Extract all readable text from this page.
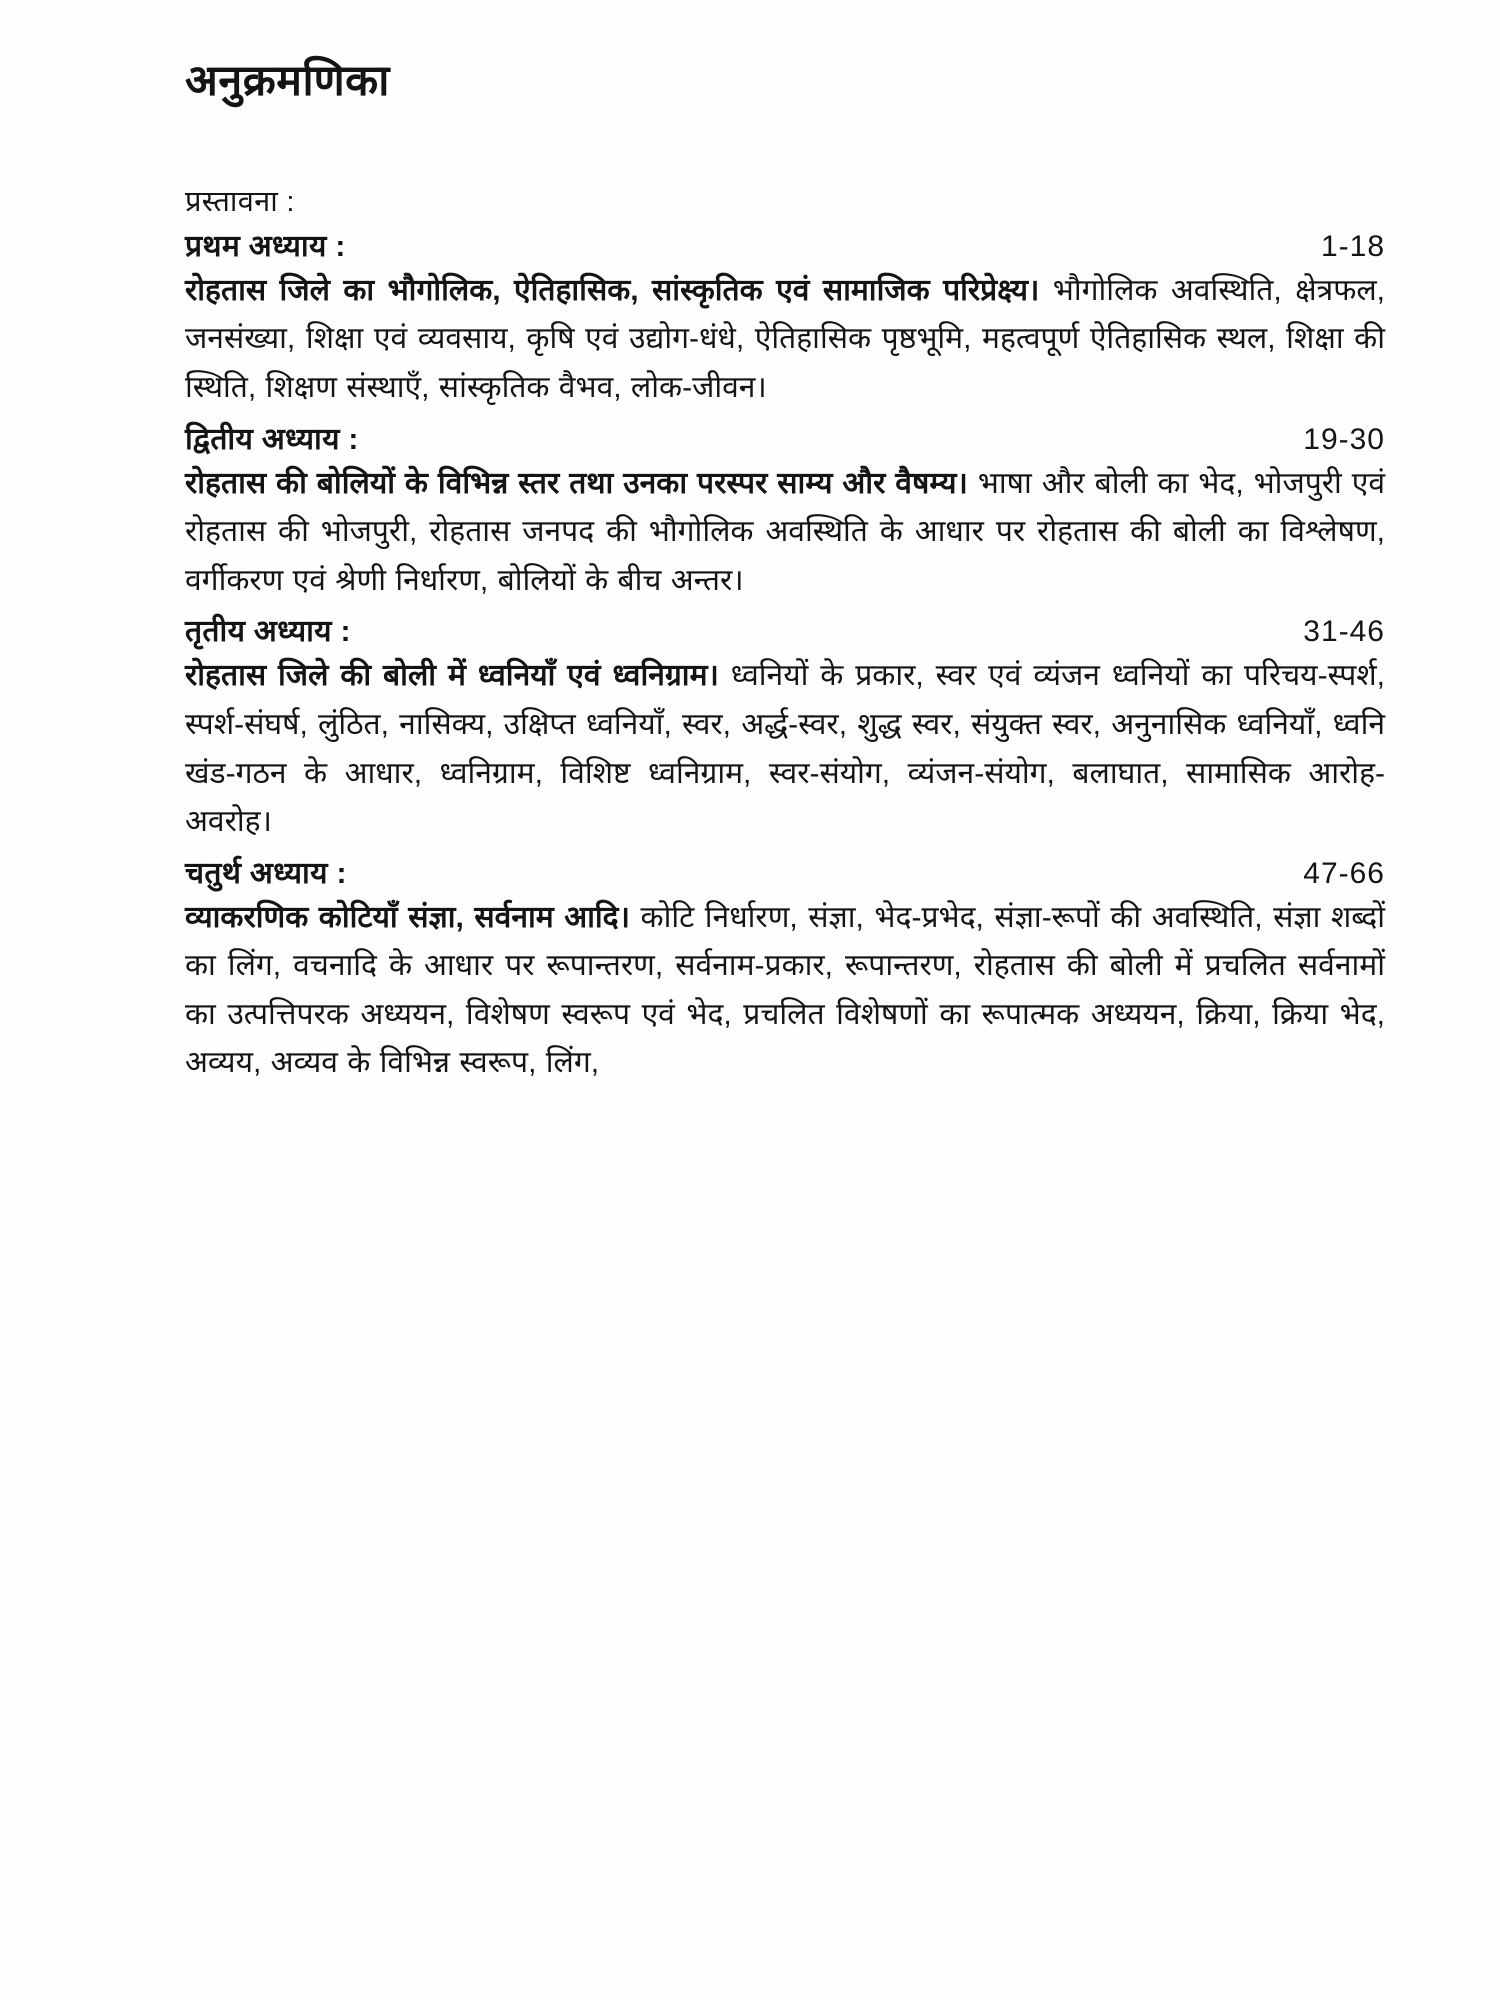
अनुक्रमणिका
प्रस्तावना :
प्रथम अध्याय :	1-18
रोहतास जिले का भौगोलिक, ऐतिहासिक, सांस्कृतिक एवं सामाजिक परिप्रेक्ष्य। भौगोलिक अवस्थिति, क्षेत्रफल, जनसंख्या, शिक्षा एवं व्यवसाय, कृषि एवं उद्योग-धंधे, ऐतिहासिक पृष्ठभूमि, महत्वपूर्ण ऐतिहासिक स्थल, शिक्षा की स्थिति, शिक्षण संस्थाएँ, सांस्कृतिक वैभव, लोक-जीवन।
द्वितीय अध्याय :	19-30
रोहतास की बोलियों के विभिन्न स्तर तथा उनका परस्पर साम्य और वैषम्य। भाषा और बोली का भेद, भोजपुरी एवं रोहतास की भोजपुरी, रोहतास जनपद की भौगोलिक अवस्थिति के आधार पर रोहतास की बोली का विश्लेषण, वर्गीकरण एवं श्रेणी निर्धारण, बोलियों के बीच अन्तर।
तृतीय अध्याय :	31-46
रोहतास जिले की बोली में ध्वनियाँ एवं ध्वनिग्राम। ध्वनियों के प्रकार, स्वर एवं व्यंजन ध्वनियों का परिचय-स्पर्श, स्पर्श-संघर्ष, लुंठित, नासिक्य, उक्षिप्त ध्वनियाँ, स्वर, अर्द्ध-स्वर, शुद्ध स्वर, संयुक्त स्वर, अनुनासिक ध्वनियाँ, ध्वनि खंड-गठन के आधार, ध्वनिग्राम, विशिष्ट ध्वनिग्राम, स्वर-संयोग, व्यंजन-संयोग, बलाघात, सामासिक आरोह-अवरोह।
चतुर्थ अध्याय :	47-66
व्याकरणिक कोटियाँ संज्ञा, सर्वनाम आदि। कोटि निर्धारण, संज्ञा, भेद-प्रभेद, संज्ञा-रूपों की अवस्थिति, संज्ञा शब्दों का लिंग, वचनादि के आधार पर रूपान्तरण, सर्वनाम-प्रकार, रूपान्तरण, रोहतास की बोली में प्रचलित सर्वनामों का उत्पत्तिपरक अध्ययन, विशेषण स्वरूप एवं भेद, प्रचलित विशेषणों का रूपात्मक अध्ययन, क्रिया, क्रिया भेद, अव्यय, अव्यव के विभिन्न स्वरूप, लिंग,
